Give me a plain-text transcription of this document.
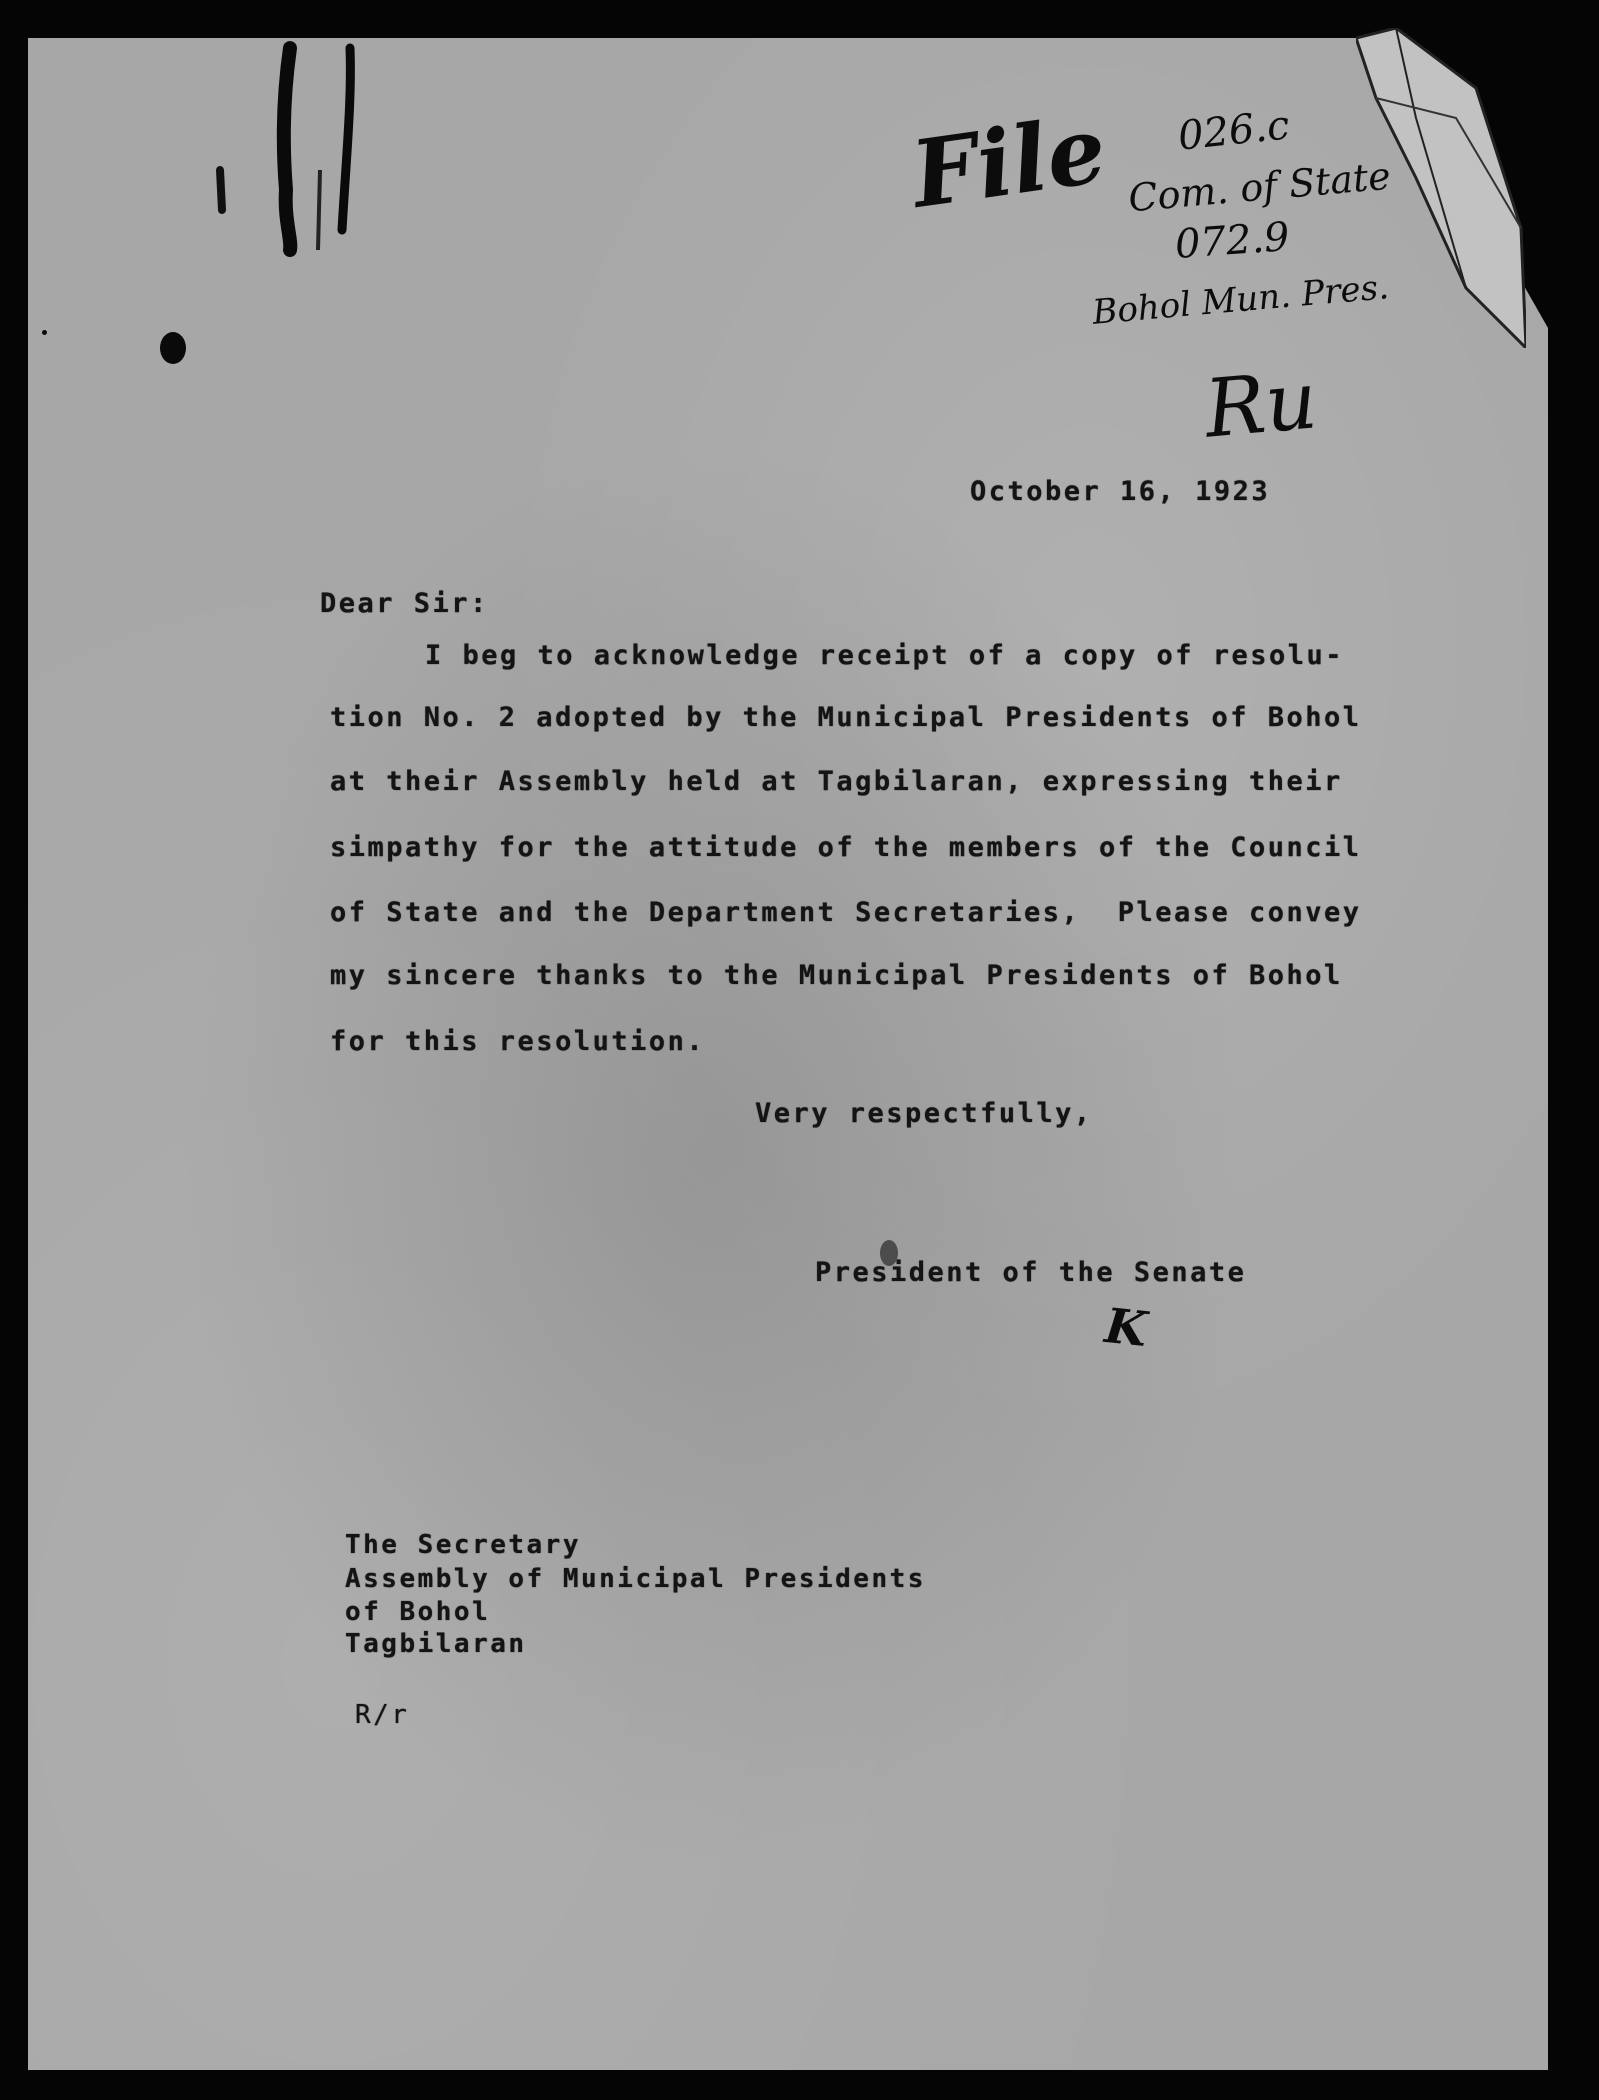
File 026.c
Com. of State
072.9
Bohol Mun. Pres.
Ru
October 16, 1923
Dear Sir:
I beg to acknowledge receipt of a copy of resolu-
tion No. 2 adopted by the Municipal Presidents of Bohol
at their Assembly held at Tagbilaran, expressing their
simpathy for the attitude of the members of the Council
of State and the Department Secretaries,  Please convey
my sincere thanks to the Municipal Presidents of Bohol
for this resolution.
Very respectfully,
President of the Senate
K
The Secretary
Assembly of Municipal Presidents
of Bohol
Tagbilaran
R/r
